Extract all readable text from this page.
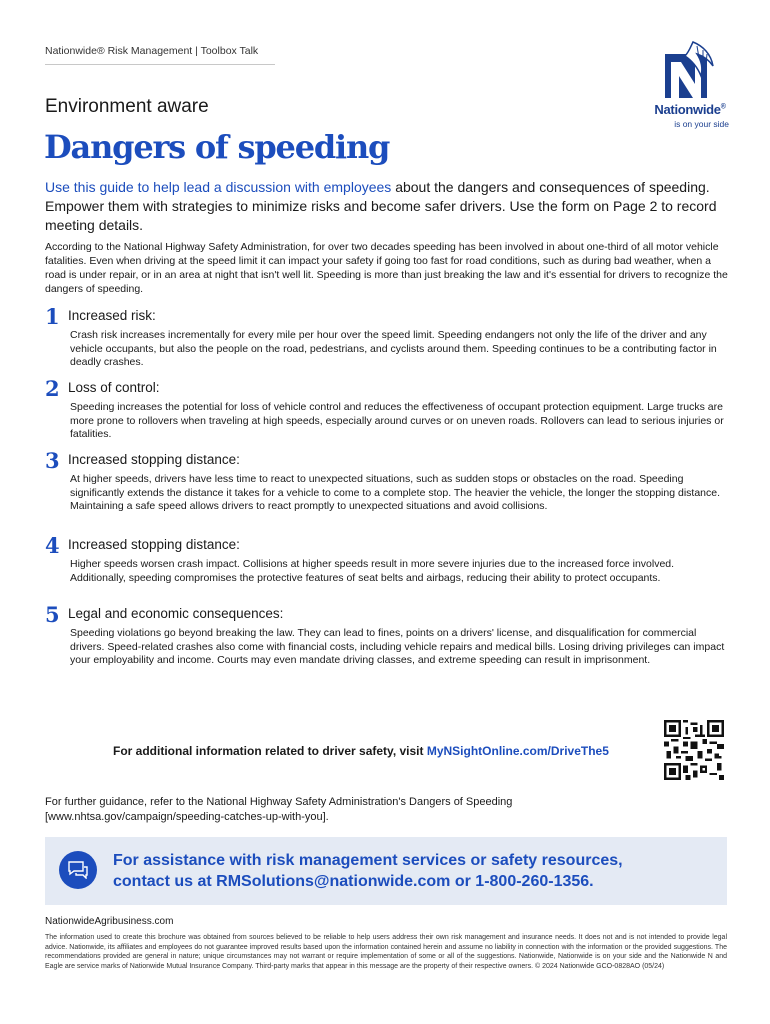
Nationwide® Risk Management | Toolbox Talk
Nationwide®
is on your side
Environment aware
Dangers of speeding

Use this guide to help lead a discussion with employees about the dangers and consequences of speeding. Empower them with strategies to minimize risks and become safer drivers. Use the form on Page 2 to record meeting details.

According to the National Highway Safety Administration, for over two decades speeding has been involved in about one-third of all motor vehicle fatalities. Even when driving at the speed limit it can impact your safety if going too fast for road conditions, such as during bad weather, when a road is under repair, or in an area at night that isn't well lit. Speeding is more than just breaking the law and it's essential for drivers to recognize the dangers of speeding.

1 Increased risk:

Crash risk increases incrementally for every mile per hour over the speed limit. Speeding endangers not only the life of the driver and any vehicle occupants, but also the people on the road, pedestrians, and cyclists around them. Speeding continues to be a contributing factor in deadly crashes.

2 Loss of control:

Speeding increases the potential for loss of vehicle control and reduces the effectiveness of occupant protection equipment. Large trucks are more prone to rollovers when traveling at high speeds, especially around curves or on uneven roads. Rollovers can lead to serious injuries or fatalities.

3 Increased stopping distance:

At higher speeds, drivers have less time to react to unexpected situations, such as sudden stops or obstacles on the road. Speeding significantly extends the distance it takes for a vehicle to come to a complete stop. The heavier the vehicle, the longer the stopping distance. Maintaining a safe speed allows drivers to react promptly to unexpected situations and avoid collisions.

4 Increased stopping distance:

Higher speeds worsen crash impact. Collisions at higher speeds result in more severe injuries due to the increased force involved. Additionally, speeding compromises the protective features of seat belts and airbags, reducing their ability to protect occupants.

5 Legal and economic consequences:

Speeding violations go beyond breaking the law. They can lead to fines, points on a drivers' license, and disqualification for commercial drivers. Speed-related crashes also come with financial costs, including vehicle repairs and medical bills. Losing driving privileges can impact your employability and income. Courts may even mandate driving classes, and extreme speeding can result in imprisonment.

For additional information related to driver safety, visit MyNSightOnline.com/DriveThe5

For further guidance, refer to the National Highway Safety Administration's Dangers of Speeding [www.nhtsa.gov/campaign/speeding-catches-up-with-you].

For assistance with risk management services or safety resources,
contact us at RMSolutions@nationwide.com or 1-800-260-1356.
NationwideAgribusiness.com

The information used to create this brochure was obtained from sources believed to be reliable to help users address their own risk management and insurance needs. It does not and is not intended to provide legal advice. Nationwide, its affiliates and employees do not guarantee improved results based upon the information contained herein and assume no liability in connection with the information or the provided suggestions. The recommendations provided are general in nature; unique circumstances may not warrant or require implementation of some or all of the suggestions. Nationwide, Nationwide is on your side and the Nationwide N and Eagle are service marks of Nationwide Mutual Insurance Company. Third-party marks that appear in this message are the property of their respective owners. © 2024 Nationwide GCO-0828AO (05/24)
